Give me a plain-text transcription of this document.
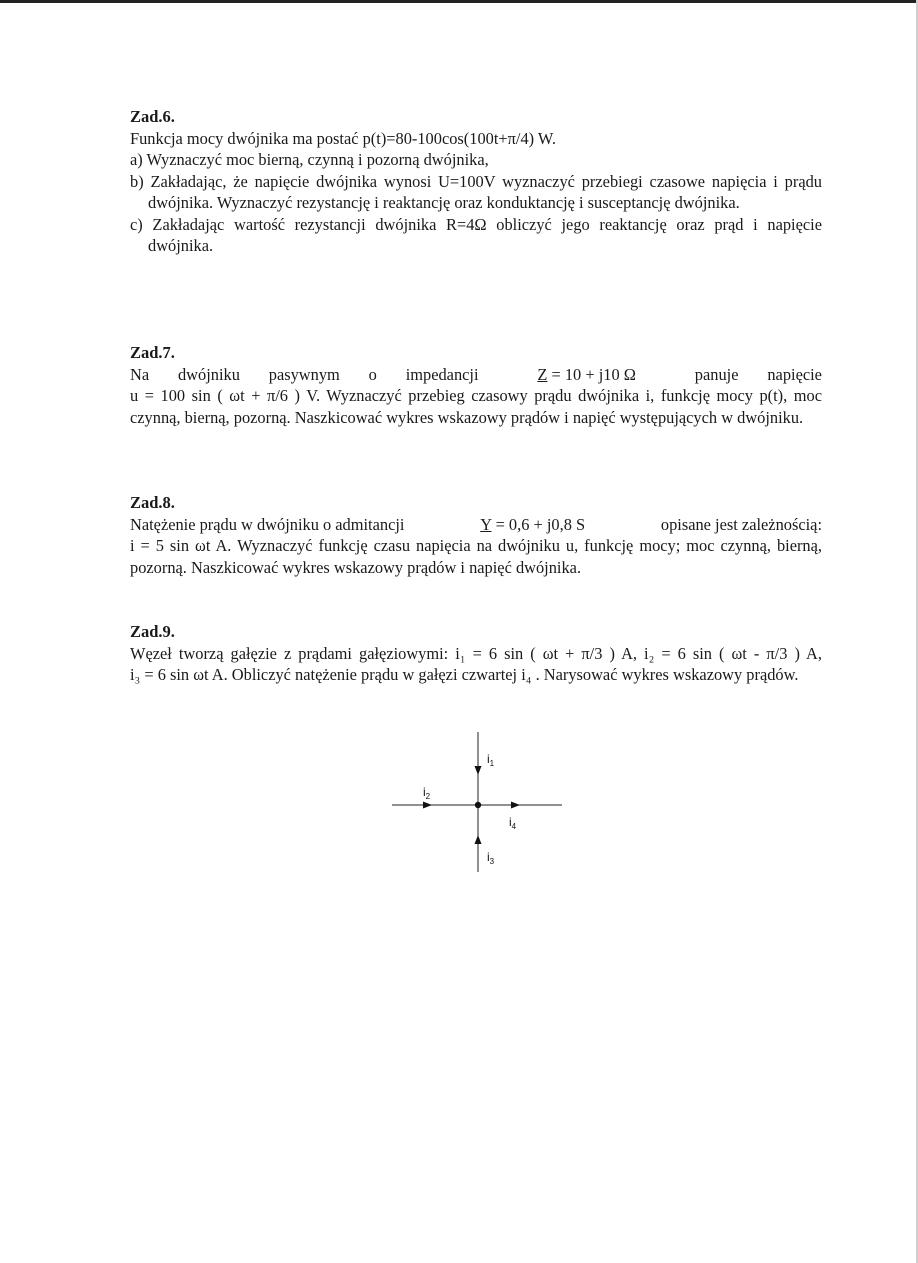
Zad.6.

Funkcja mocy dwójnika ma postać p(t)=80-100cos(100t+π/4) W.

a) Wyznaczyć moc bierną, czynną i pozorną dwójnika,

b) Zakładając, że napięcie dwójnika wynosi U=100V wyznaczyć przebiegi czasowe napięcia i prądu dwójnika. Wyznaczyć rezystancję i reaktancję oraz konduktancję i susceptancję dwójnika.

c) Zakładając wartość rezystancji dwójnika R=4Ω obliczyć jego reaktancję oraz prąd i napięcie dwójnika.

Zad.7.

Na dwójniku pasywnym o impedancji	Z = 10 + j10 Ω	panuje napięcie

u = 100 sin ( ωt + π/6 ) V. Wyznaczyć przebieg czasowy prądu dwójnika i, funkcję mocy p(t), moc czynną, bierną, pozorną. Naszkicować wykres wskazowy prądów i napięć występujących w dwójniku.

Zad.8.

Natężenie prądu w dwójniku o admitancji	Y = 0,6 + j0,8 S	opisane jest zależnością:

i = 5 sin ωt A. Wyznaczyć funkcję czasu napięcia na dwójniku u, funkcję mocy; moc czynną, bierną, pozorną. Naszkicować wykres wskazowy prądów i napięć dwójnika.

Zad.9.

Węzeł tworzą gałęzie z prądami gałęziowymi: i₁ = 6 sin ( ωt + π/3 ) A, i₂ = 6 sin ( ωt - π/3 ) A,

i₃ = 6 sin ωt A. Obliczyć natężenie prądu w gałęzi czwartej i₄ . Narysować wykres wskazowy prądów.

$i_1$
$i_2$
$i_3$
$i_4$
